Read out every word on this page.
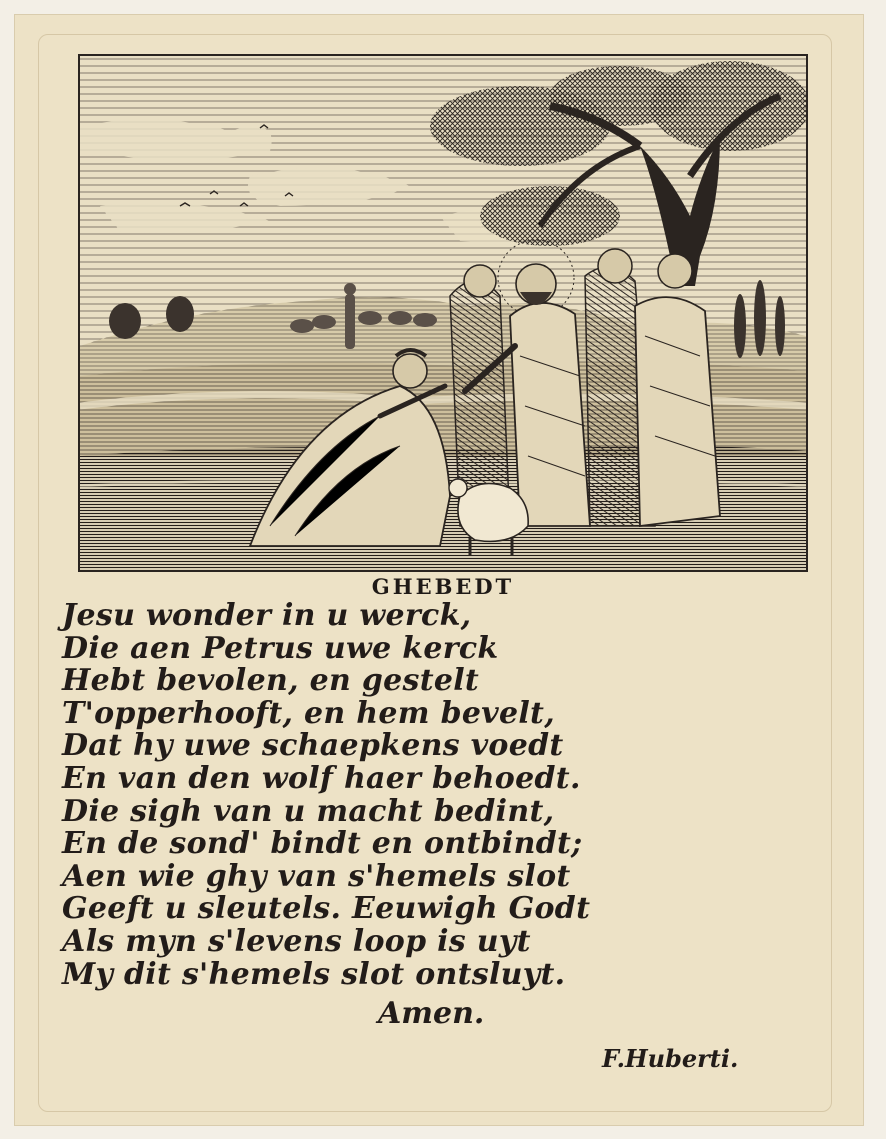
GHEBEDT
Jesu wonder in u werck,
Die aen Petrus uwe kerck
Hebt bevolen, en gestelt
T'opperhooft, en hem bevelt,
Dat hy uwe schaepkens voedt
En van den wolf haer behoedt.
Die sigh van u macht bedint,
En de sond' bindt en ontbindt;
Aen wie ghy van s'hemels slot
Geeft u sleutels. Eeuwigh Godt
Als myn s'levens loop is uyt
My dit s'hemels slot ontsluyt.
Amen.
F.Huberti.
